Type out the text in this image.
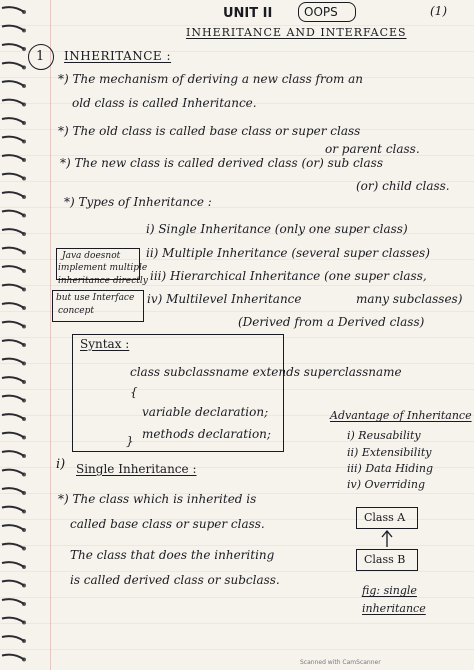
UNIT II	OOPS	(1)
INHERITANCE AND INTERFACES
1 INHERITANCE :
*) The mechanism of deriving a new class from an
old class is called Inheritance.
*) The old class is called base class or super class
or parent class.
*) The new class is called derived class (or) sub class
(or) child class.
*) Types of Inheritance :
i) Single Inheritance (only one super class)
ii) Multiple Inheritance (several super classes)
iii) Hierarchical Inheritance (one super class,
many subclasses)
iv) Multilevel Inheritance
(Derived from a Derived class)
Java doesnot
implement multiple
inheritance directly
but use Interface
concept
Syntax :
class subclassname extends superclassname
{
variable declaration;
methods declaration;
}
Advantage of Inheritance
i) Reusability
ii) Extensibility
iii) Data Hiding
iv) Overriding
i) Single Inheritance :
*) The class which is inherited is
called base class or super class.
The class that does the inheriting
is called derived class or subclass.
Class A
Class B
fig: single
inheritance
Scanned with CamScanner
